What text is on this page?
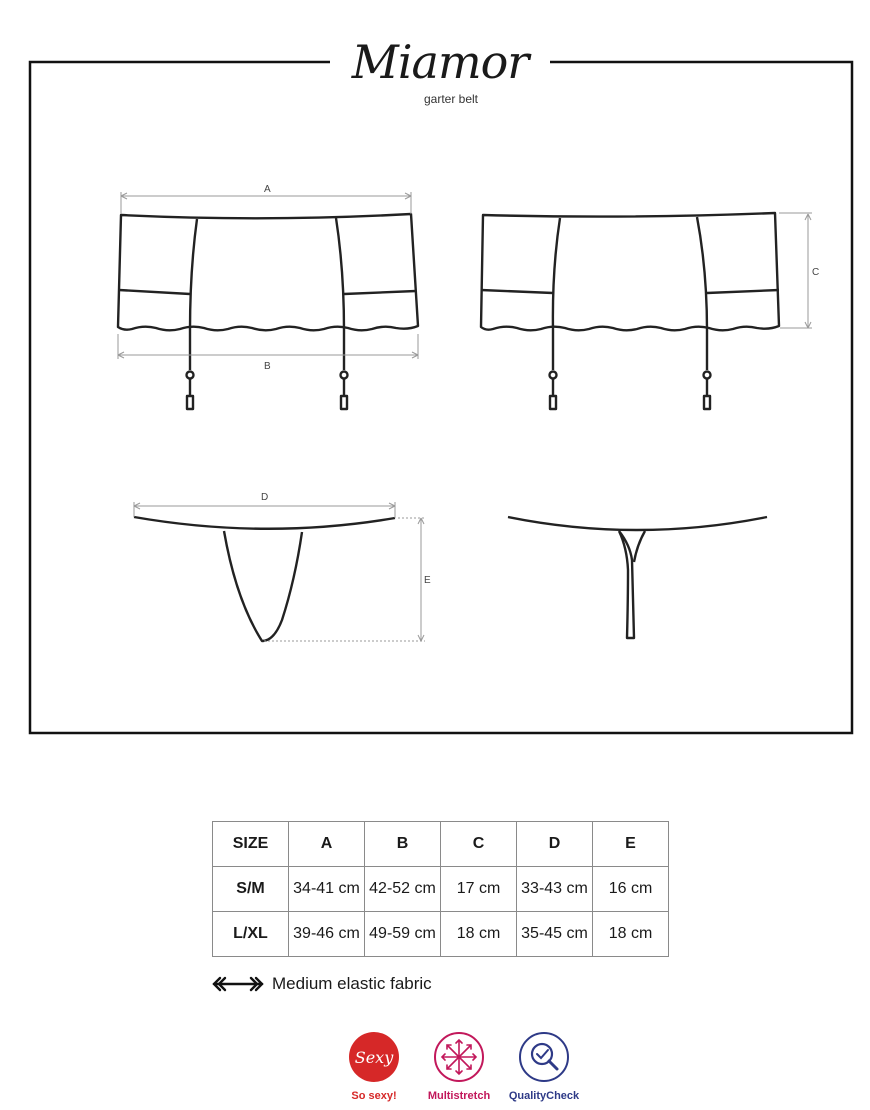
A
B
C
D
E
Miamor
garter belt
SIZE	A	B	C	D	E
S/M	34-41 cm	42-52 cm	17 cm	33-43 cm	16 cm
L/XL	39-46 cm	49-59 cm	18 cm	35-45 cm	18 cm
Medium elastic fabric
Sexy
So sexy!	Multistretch	QualityCheck
